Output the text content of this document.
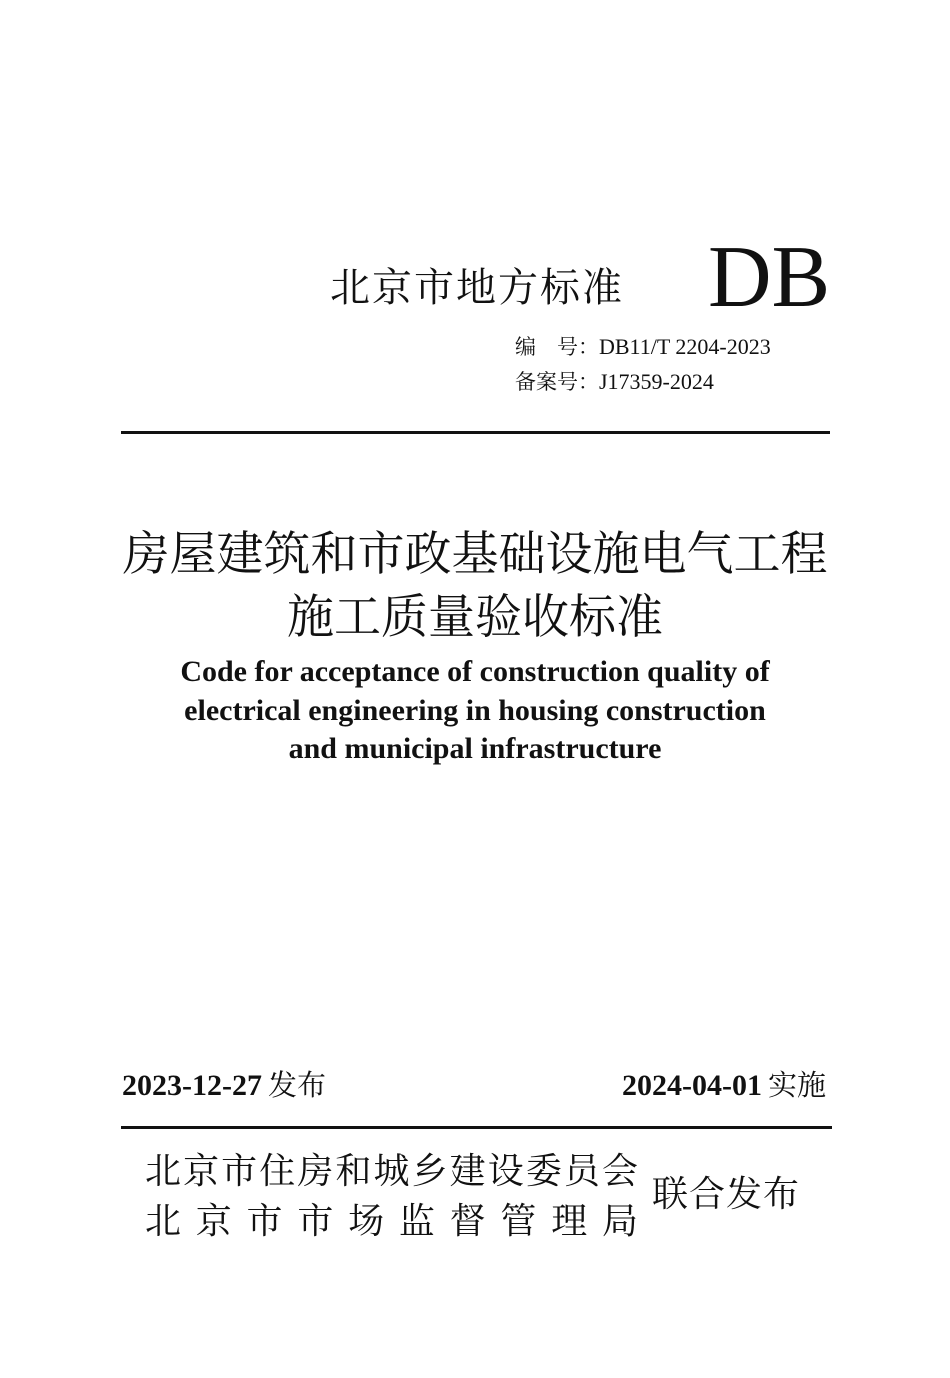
北京市地方标准 DB
编　号：DB11/T 2204-2023
备案号：J17359-2024
房屋建筑和市政基础设施电气工程
施工质量验收标准
Code for acceptance of construction quality of
electrical engineering in housing construction
and municipal infrastructure
2023-12-27 发布	2024-04-01 实施
北京市住房和城乡建设委员会
北 京 市 市 场 监 督 管 理 局
联合发布
